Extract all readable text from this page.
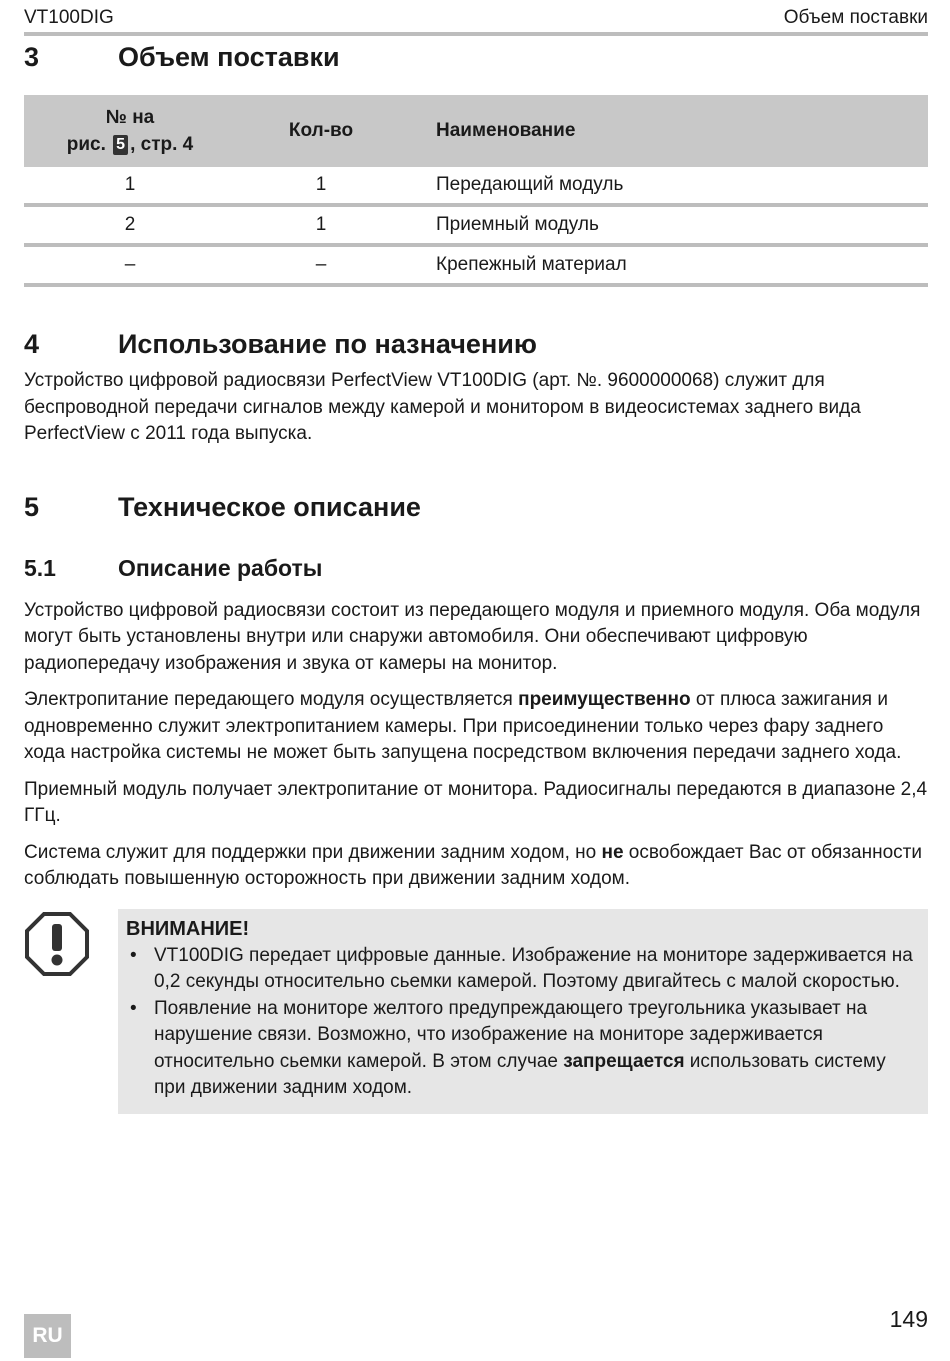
VT100DIG	Объем поставки
3	Объем поставки
№ на
рис. 5 , стр. 4	Кол-во	Наименование
1	1	Передающий модуль
2	1	Приемный модуль
–	–	Крепежный материал
4	Использование по назначению

Устройство цифровой радиосвязи PerfectView VT100DIG (арт. №. 9600000068) служит для беспроводной передачи сигналов между камерой и монитором в видеосистемах заднего вида PerfectView с 2011 года выпуска.

5	Техническое описание
5.1	Описание работы

Устройство цифровой радиосвязи состоит из передающего модуля и приемного модуля. Оба модуля могут быть установлены внутри или снаружи автомобиля. Они обеспечивают цифровую радиопередачу изображения и звука от камеры на монитор.

Электропитание передающего модуля осуществляется преимущественно от плюса зажигания и одновременно служит электропитанием камеры. При присоединении только через фару заднего хода настройка системы не может быть запущена посредством включения передачи заднего хода.

Приемный модуль получает электропитание от монитора. Радиосигналы передаются в диапазоне 2,4 ГГц.

Система служит для поддержки при движении задним ходом, но не освобождает Вас от обязанности соблюдать повышенную осторожность при движении задним ходом.

ВНИМАНИЕ!
• VT100DIG передает цифровые данные. Изображение на мониторе задерживается на 0,2 секунды относительно сьемки камерой. Поэтому двигайтесь с малой скоростью.
• Появление на мониторе желтого предупреждающего треугольника указывает на нарушение связи. Возможно, что изображение на мониторе задерживается относительно сьемки камерой. В этом случае запрещается использовать систему при движении задним ходом.
RU
149
